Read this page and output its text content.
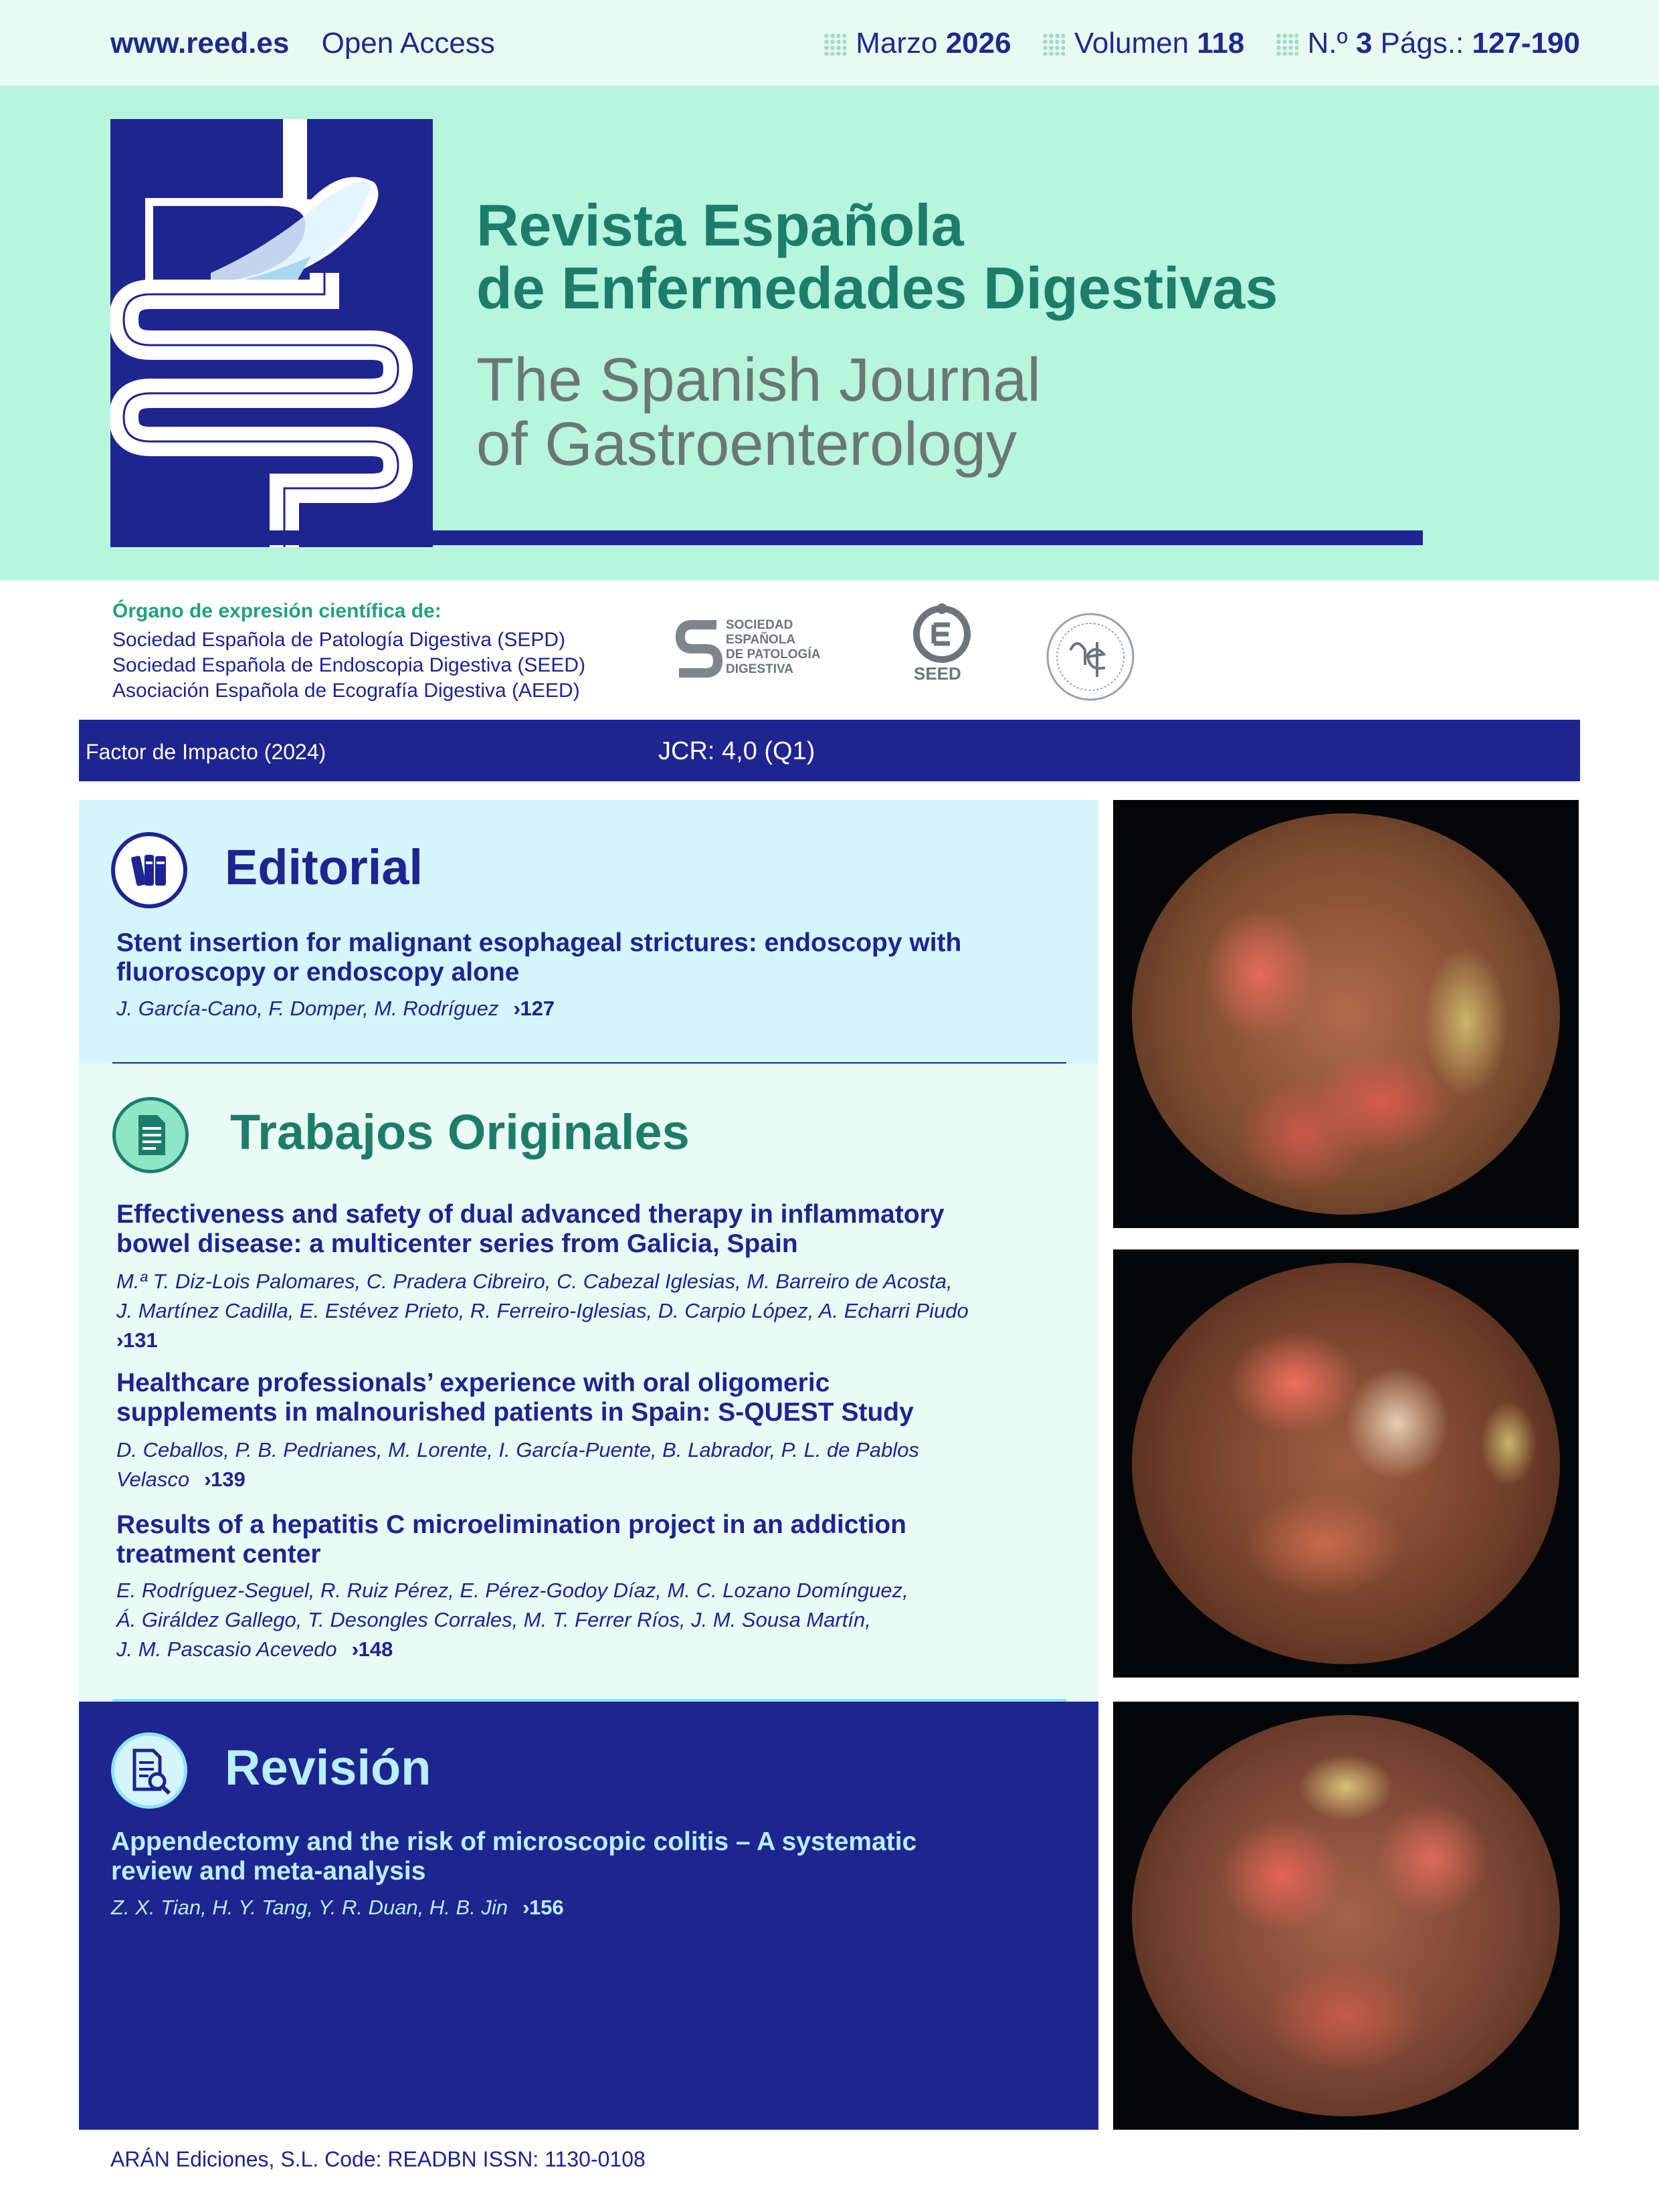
www.reed.es Open Access	Marzo 2026 Volumen 118 N.º 3 Págs.: 127-190
Revista Española
de Enfermedades Digestivas
The Spanish Journal
of Gastroenterology
Órgano de expresión científica de:
Sociedad Española de Patología Digestiva (SEPD)
Sociedad Española de Endoscopia Digestiva (SEED)
Asociación Española de Ecografía Digestiva (AEED)
SOCIEDAD
ESPAÑOLA
DE PATOLOGÍA
DIGESTIVA	SEED
Factor de Impacto (2024)	JCR: 4,0 (Q1)
Editorial
Stent insertion for malignant esophageal strictures: endoscopy with
fluoroscopy or endoscopy alone
J. García-Cano, F. Domper, M. Rodríguez 127
Trabajos Originales
Effectiveness and safety of dual advanced therapy in inflammatory
bowel disease: a multicenter series from Galicia, Spain
M.ª T. Diz-Lois Palomares, C. Pradera Cibreiro, C. Cabezal Iglesias, M. Barreiro de Acosta,
J. Martínez Cadilla, E. Estévez Prieto, R. Ferreiro-Iglesias, D. Carpio López, A. Echarri Piudo
131
Healthcare professionals’ experience with oral oligomeric
supplements in malnourished patients in Spain: S-QUEST Study
D. Ceballos, P. B. Pedrianes, M. Lorente, I. García-Puente, B. Labrador, P. L. de Pablos
Velasco 139
Results of a hepatitis C microelimination project in an addiction
treatment center
E. Rodríguez-Seguel, R. Ruiz Pérez, E. Pérez-Godoy Díaz, M. C. Lozano Domínguez,
Á. Giráldez Gallego, T. Desongles Corrales, M. T. Ferrer Ríos, J. M. Sousa Martín,
J. M. Pascasio Acevedo 148
Revisión
Appendectomy and the risk of microscopic colitis – A systematic
review and meta-analysis
Z. X. Tian, H. Y. Tang, Y. R. Duan, H. B. Jin 156
ARÁN Ediciones, S.L. Code: READBN ISSN: 1130-0108
